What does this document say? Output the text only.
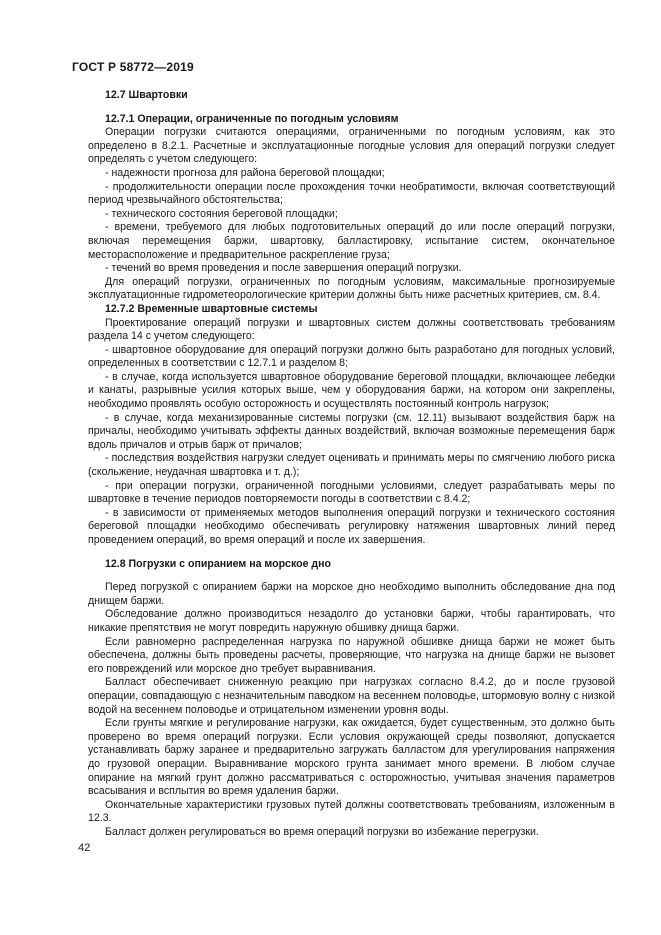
ГОСТ Р 58772—2019

12.7 Швартовки

12.7.1 Операции, ограниченные по погодным условиям

Операции погрузки считаются операциями, ограниченными по погодным условиям, как это определено в 8.2.1. Расчетные и эксплуатационные погодные условия для операций погрузки следует определять с учетом следующего:

- надежности прогноза для района береговой площадки;

- продолжительности операции после прохождения точки необратимости, включая соответствующий период чрезвычайного обстоятельства;

- технического состояния береговой площадки;

- времени, требуемого для любых подготовительных операций до или после операций погрузки, включая перемещения баржи, швартовку, балластировку, испытание систем, окончательное месторасположение и предварительное раскрепление груза;

- течений во время проведения и после завершения операций погрузки.

Для операций погрузки, ограниченных по погодным условиям, максимальные прогнозируемые эксплуатационные гидрометеорологические критерии должны быть ниже расчетных критериев, см. 8.4.

12.7.2 Временные швартовные системы

Проектирование операций погрузки и швартовных систем должны соответствовать требованиям раздела 14 с учетом следующего:

- швартовное оборудование для операций погрузки должно быть разработано для погодных условий, определенных в соответствии с 12.7.1 и разделом 8;

- в случае, когда используется швартовное оборудование береговой площадки, включающее лебедки и канаты, разрывные усилия которых выше, чем у оборудования баржи, на котором они закреплены, необходимо проявлять особую осторожность и осуществлять постоянный контроль нагрузок;

- в случае, когда механизированные системы погрузки (см. 12.11) вызывают воздействия барж на причалы, необходимо учитывать эффекты данных воздействий, включая возможные перемещения барж вдоль причалов и отрыв барж от причалов;

- последствия воздействия нагрузки следует оценивать и принимать меры по смягчению любого риска (скольжение, неудачная швартовка и т. д.);

- при операции погрузки, ограниченной погодными условиями, следует разрабатывать меры по швартовке в течение периодов повторяемости погоды в соответствии с 8.4.2;

- в зависимости от применяемых методов выполнения операций погрузки и технического состояния береговой площадки необходимо обеспечивать регулировку натяжения швартовных линий перед проведением операций, во время операций и после их завершения.

12.8 Погрузки с опиранием на морское дно

Перед погрузкой с опиранием баржи на морское дно необходимо выполнить обследование дна под днищем баржи.

Обследование должно производиться незадолго до установки баржи, чтобы гарантировать, что никакие препятствия не могут повредить наружную обшивку днища баржи.

Если равномерно распределенная нагрузка по наружной обшивке днища баржи не может быть обеспечена, должны быть проведены расчеты, проверяющие, что нагрузка на днище баржи не вызовет его повреждений или морское дно требует выравнивания.

Балласт обеспечивает сниженную реакцию при нагрузках согласно 8.4.2, до и после грузовой операции, совпадающую с незначительным паводком на весеннем половодье, штормовую волну с низкой водой на весеннем половодье и отрицательном изменении уровня воды.

Если грунты мягкие и регулирование нагрузки, как ожидается, будет существенным, это должно быть проверено во время операций погрузки. Если условия окружающей среды позволяют, допускается устанавливать баржу заранее и предварительно загружать балластом для урегулирования напряжения до грузовой операции. Выравнивание морского грунта занимает много времени. В любом случае опирание на мягкий грунт должно рассматриваться с осторожностью, учитывая значения параметров всасывания и всплытия во время удаления баржи.

Окончательные характеристики грузовых путей должны соответствовать требованиям, изложенным в 12.3.

Балласт должен регулироваться во время операций погрузки во избежание перегрузки.

42
